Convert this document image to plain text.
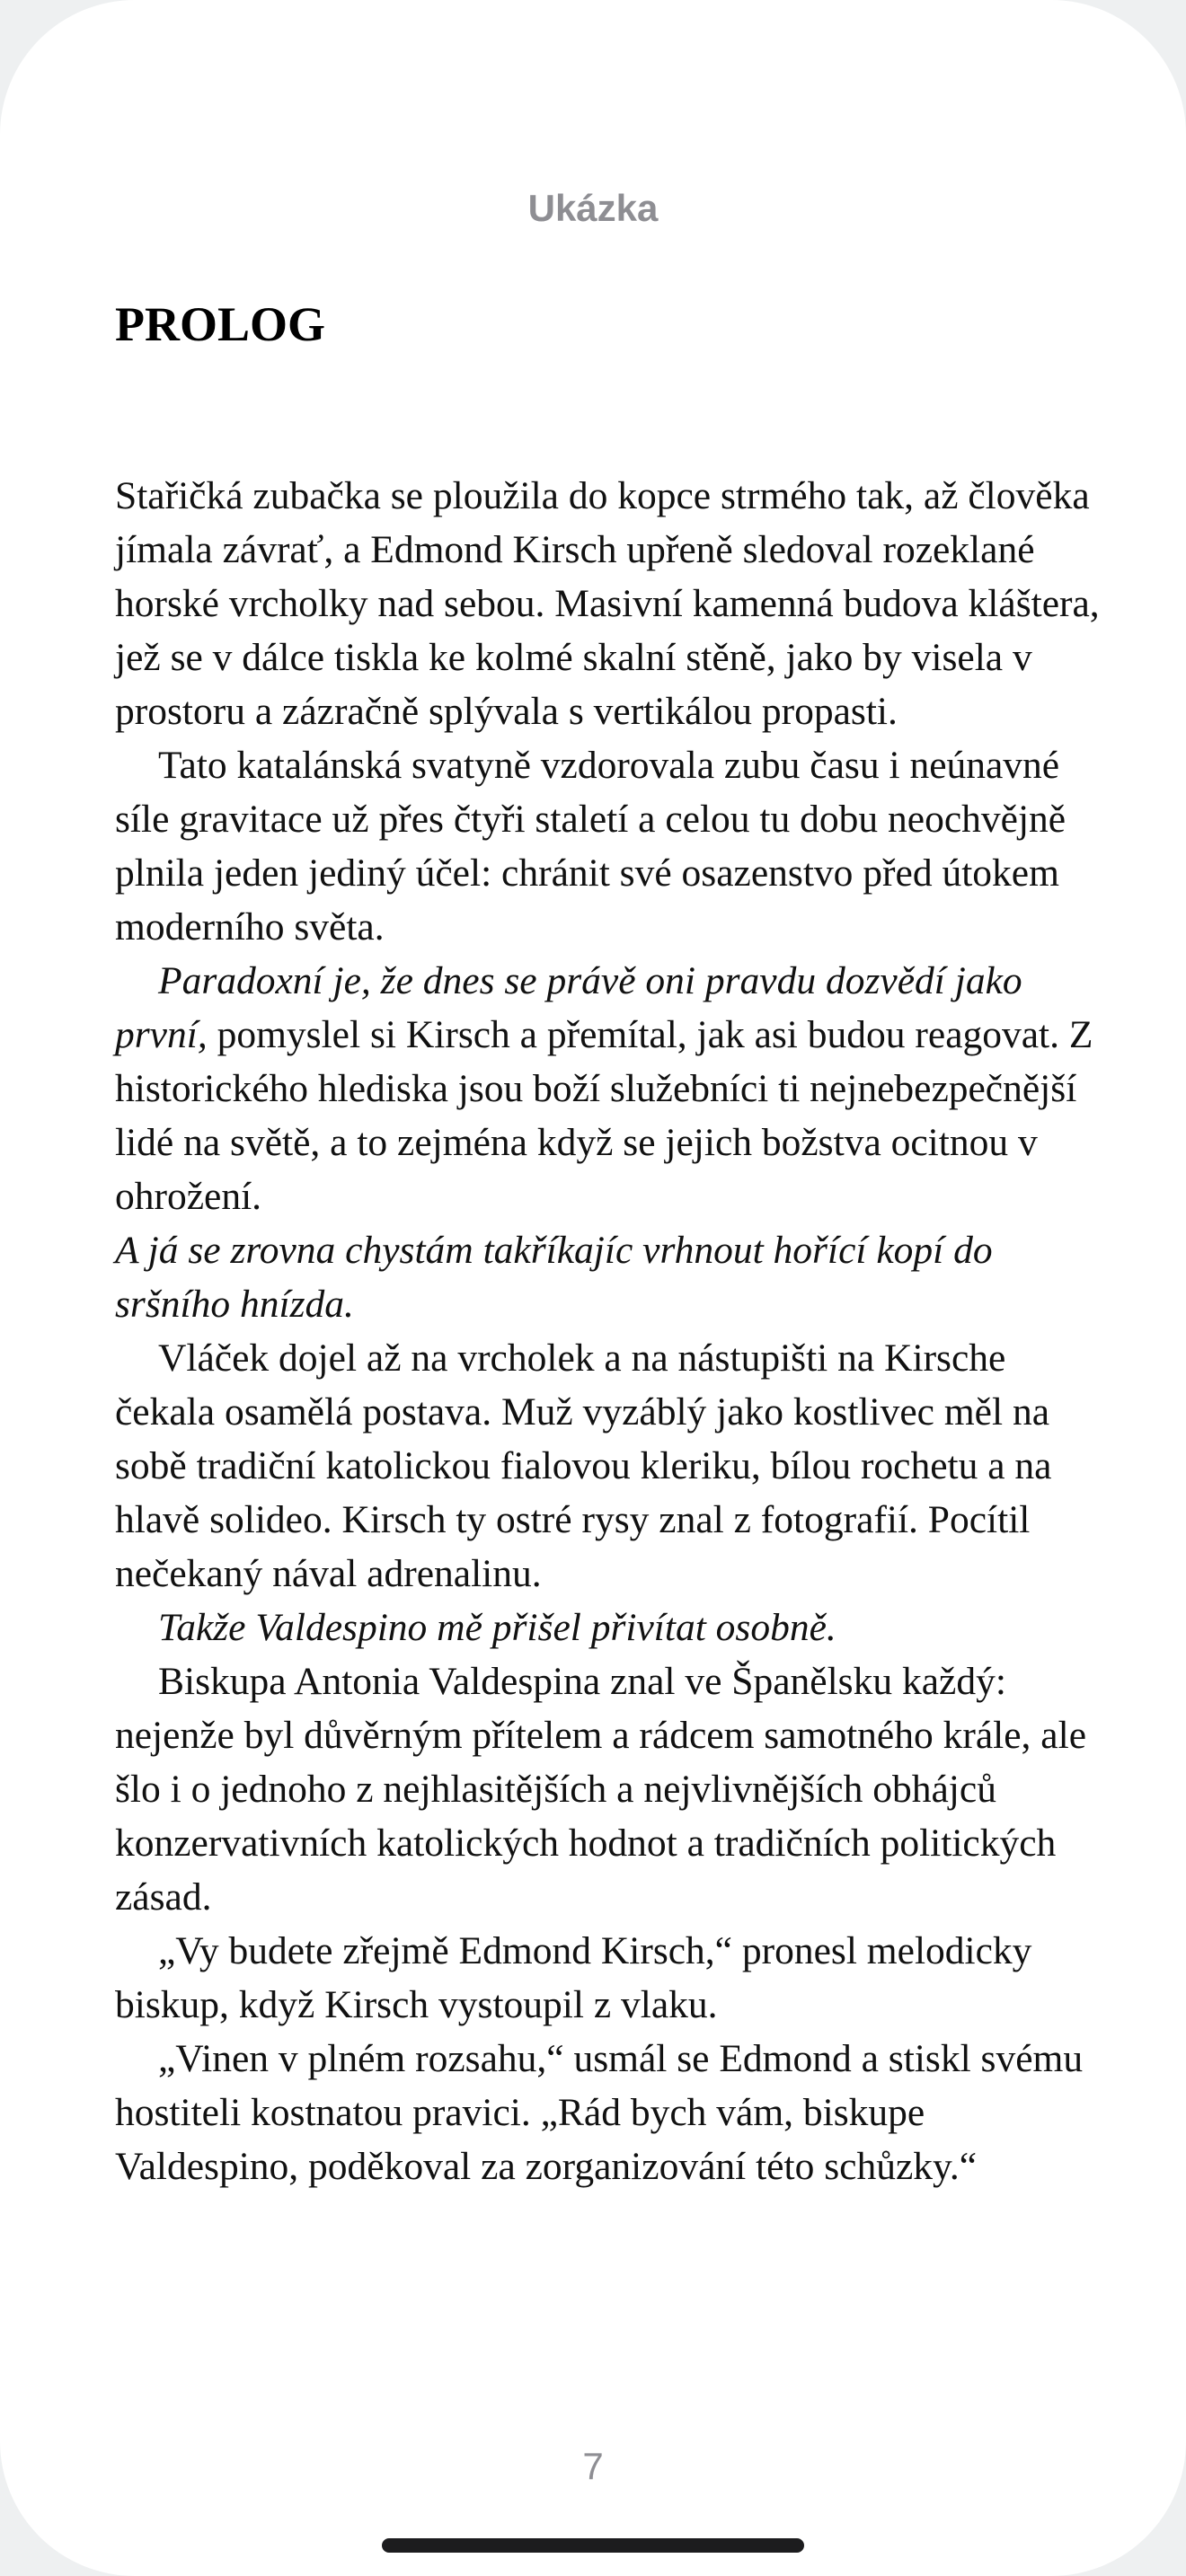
Ukázka
PROLOG

Stařičká zubačka se ploužila do kopce strmého tak, až člověka jímala závrať, a Edmond Kirsch upřeně sledoval rozeklané horské vrcholky nad sebou. Masivní kamenná budova kláštera, jež se v dálce tiskla ke kolmé skalní stěně, jako by visela v prostoru a zázračně splývala s vertikálou propasti.

Tato katalánská svatyně vzdorovala zubu času i neúnavné síle gravitace už přes čtyři staletí a celou tu dobu neochvějně plnila jeden jediný účel: chránit své osazenstvo před útokem moderního světa.

Paradoxní je, že dnes se právě oni pravdu dozvědí jako první, pomyslel si Kirsch a přemítal, jak asi budou reagovat. Z historického hlediska jsou boží služebníci ti nejnebezpečnější lidé na světě, a to zejména když se jejich božstva ocitnou v ohrožení.

A já se zrovna chystám takříkajíc vrhnout hořící kopí do sršního hnízda.

Vláček dojel až na vrcholek a na nástupišti na Kirsche čekala osamělá postava. Muž vyzáblý jako kostlivec měl na sobě tradiční katolickou fialovou kleriku, bílou rochetu a na hlavě solideo. Kirsch ty ostré rysy znal z fotografií. Pocítil nečekaný nával adrenalinu.

Takže Valdespino mě přišel přivítat osobně.

Biskupa Antonia Valdespina znal ve Španělsku každý: nejenže byl důvěrným přítelem a rádcem samotného krále, ale šlo i o jednoho z nejhlasitějších a nejvlivnějších obhájců konzervativních katolických hodnot a tradičních politických zásad.

„Vy budete zřejmě Edmond Kirsch,“ pronesl melodicky biskup, když Kirsch vystoupil z vlaku.

„Vinen v plném rozsahu,“ usmál se Edmond a stiskl svému hostiteli kostnatou pravici. „Rád bych vám, biskupe Valdespino, poděkoval za zorganizování této schůzky.“

7
